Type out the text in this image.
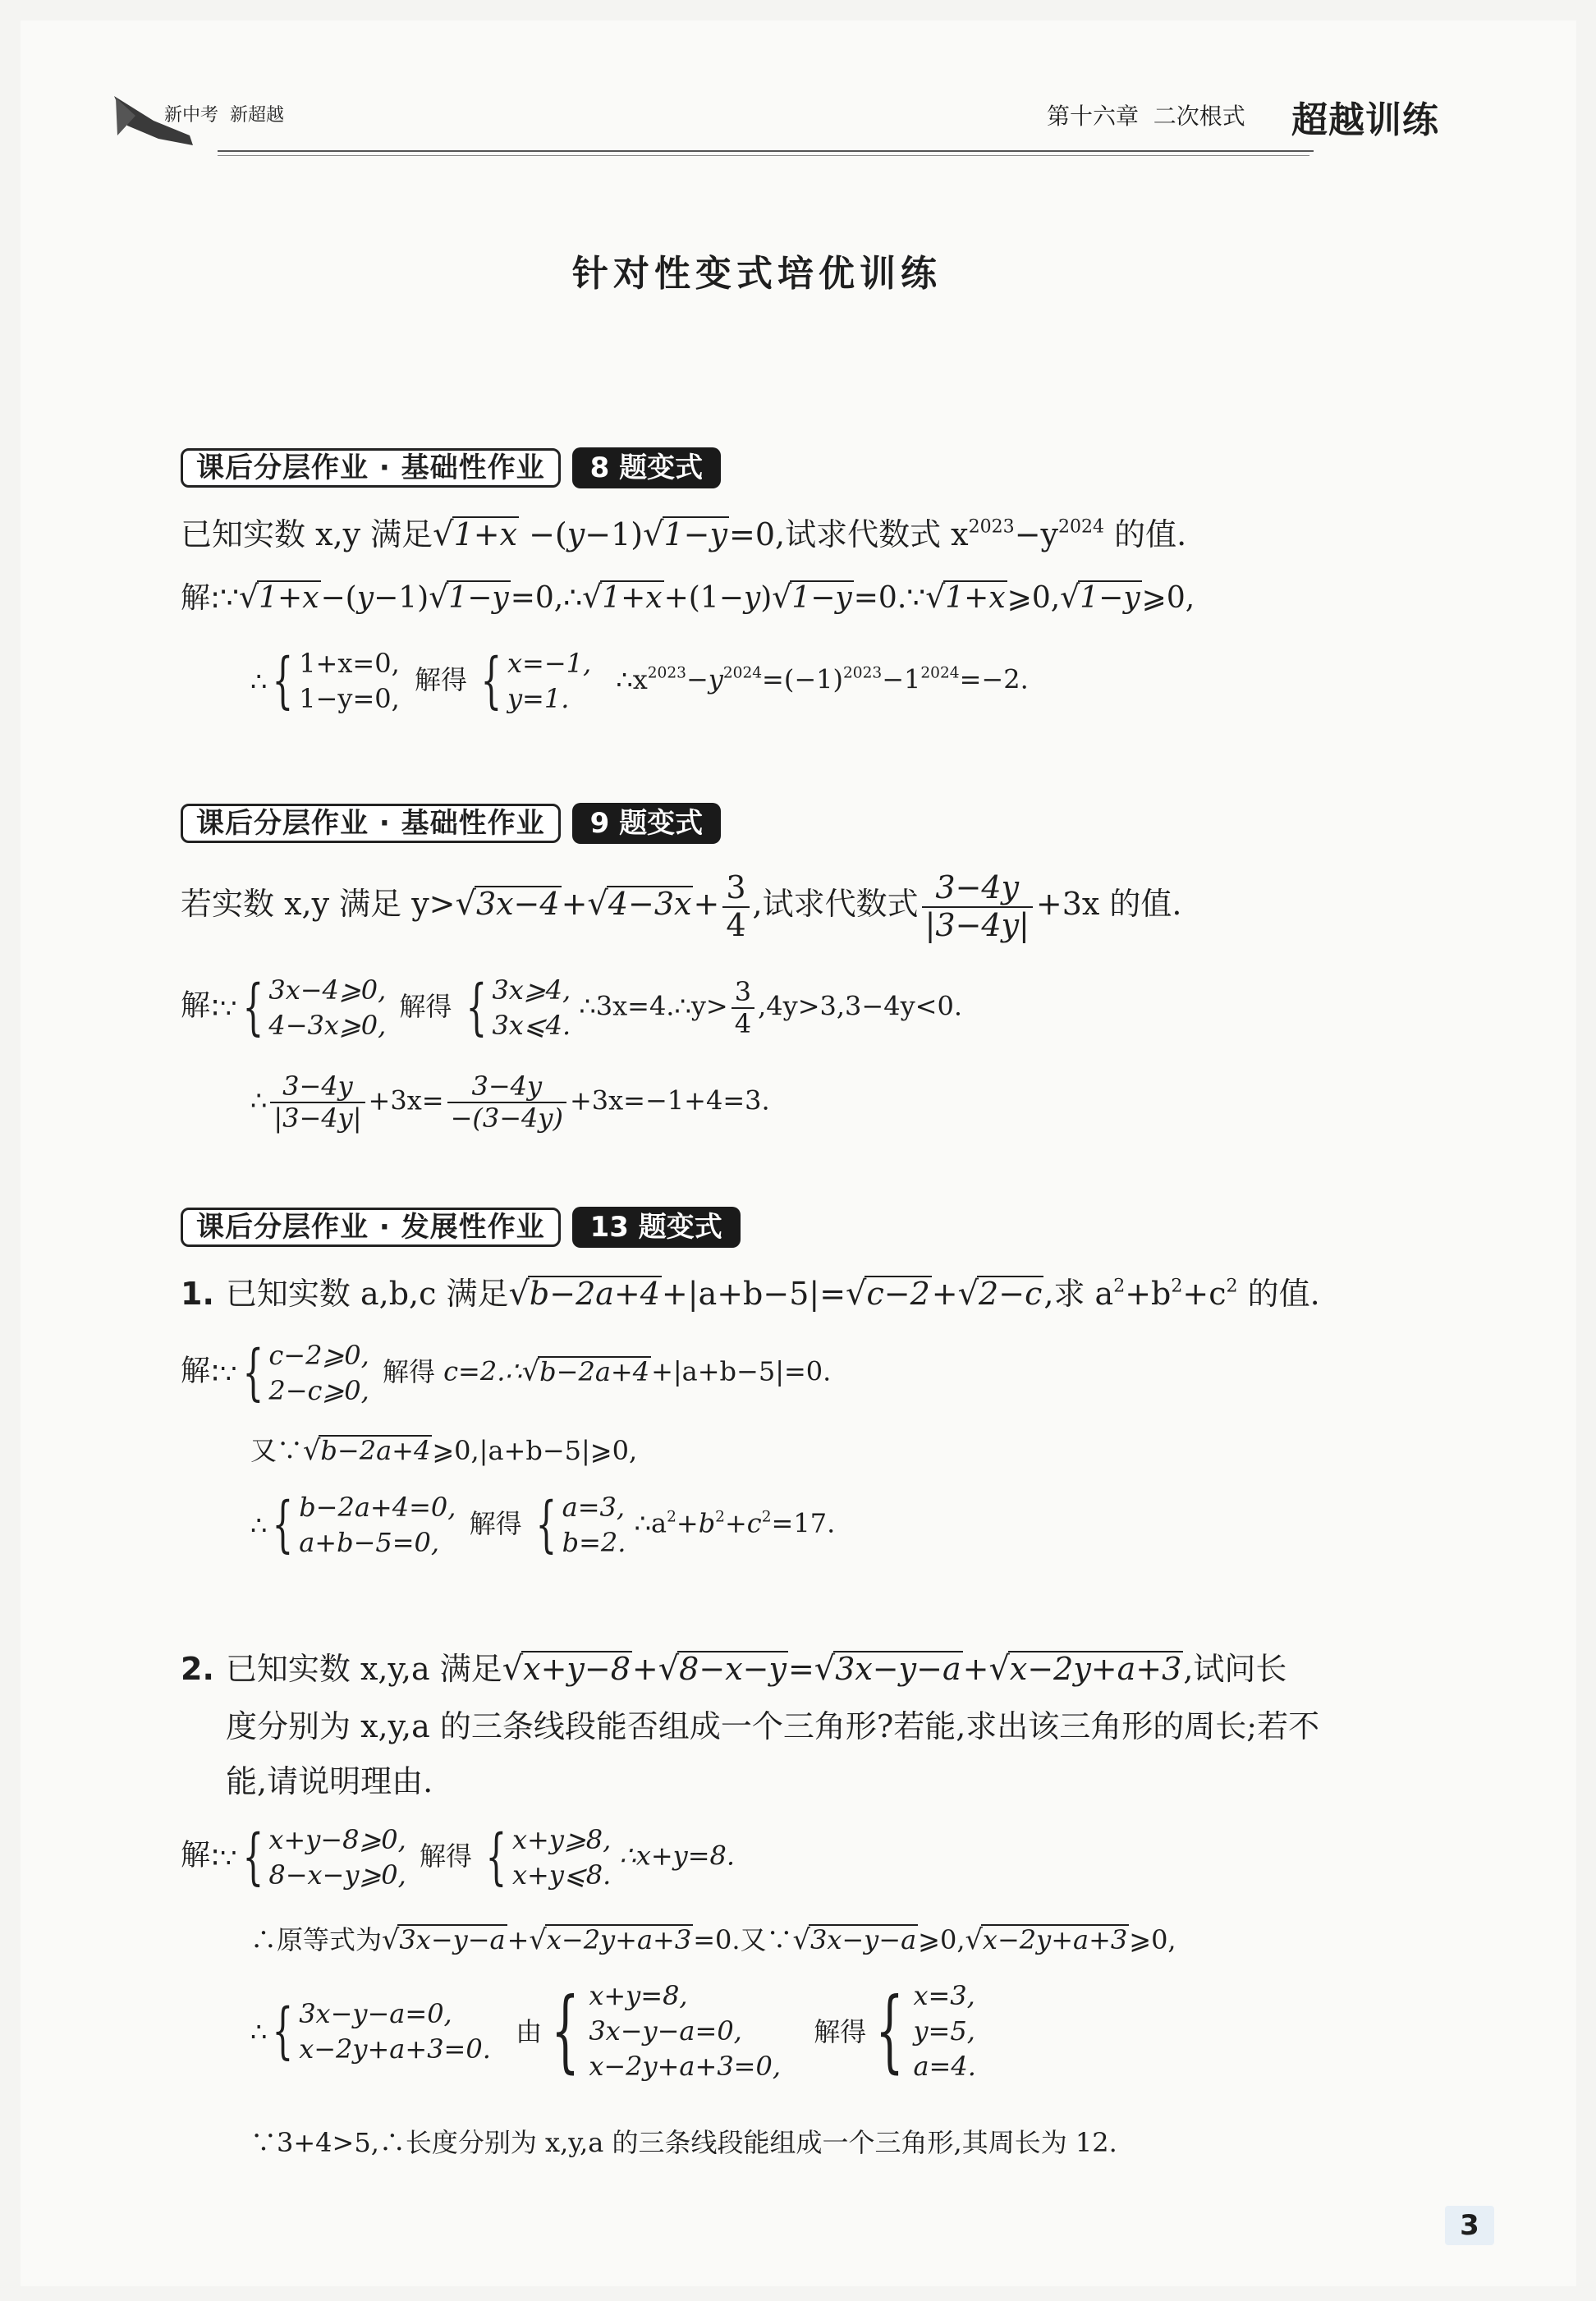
新中考  新超越	第十六章  二次根式 超越训练
针对性变式培优训练
课后分层作业 · 基础性作业	8 题变式
已知实数 x,y 满足√1+x −(y−1)√1−y=0,试求代数式 $x^{2023}-y^{2024}$ 的值.
解:∵√1+x−(y−1)√1−y=0,∴√1+x+(1−y)√1−y=0.∵√1+x⩾0,√1−y⩾0,
∴ { 1+x=0,
1−y=0,
解得 { x=−1,
y=1.
$\therefore x^{2023}-y^{2024}=(-1)^{2023}-1^{2024}=-2$.
课后分层作业 · 基础性作业	9 题变式
若实数 x,y 满足 $y>√3x-4+√4-3x+ \frac{3}{4}$ ,试求代数式 $\frac{3-4y}{|3-4y|} +3x$ 的值.
解:∵ { 3x−4⩾0,
4−3x⩾0,
解得 { 3x⩾4,
3x⩽4.
∴3x=4.∴y> $\frac{3}{4} ,4y>3,3-4y<0$.
∴ $\frac{3-4y}{|3-4y|} +3x= \frac{3-4y}{-(3-4y)} +3x=-1+4=3$.
课后分层作业 · 发展性作业	13 题变式
1. 已知实数 a,b,c 满足√b−2a+4+|a+b−5|=√c−2+√2−c,求 $a^2+b^2+c^2$ 的值.
解:∵ { c−2⩾0,
2−c⩾0,
解得 c=2.∴√b−2a+4+|a+b−5|=0.
又∵√b−2a+4⩾0,|a+b−5|⩾0,
∴ { b−2a+4=0,
a+b−5=0,
解得 { a=3,
b=2.
$\therefore a^2+b^2+c^2=17$.
2. 已知实数 x,y,a 满足√x+y−8+√8−x−y=√3x−y−a+√x−2y+a+3,试问长
度分别为 x,y,a 的三条线段能否组成一个三角形?若能,求出该三角形的周长;若不
能,请说明理由.
解:∵ { x+y−8⩾0,
8−x−y⩾0,
解得 { x+y⩾8,
x+y⩽8.
∴x+y=8.
∴原等式为√3x−y−a+√x−2y+a+3=0.又∵√3x−y−a⩾0,√x−2y+a+3⩾0,
∴ { 3x−y−a=0,
x−2y+a+3=0.

由 { x+y=8,
3x−y−a=0,
x−2y+a+3=0,

解得 { x=3,
y=5,
a=4.
∵3+4>5,∴长度分别为 x,y,a 的三条线段能组成一个三角形,其周长为 12.
3
